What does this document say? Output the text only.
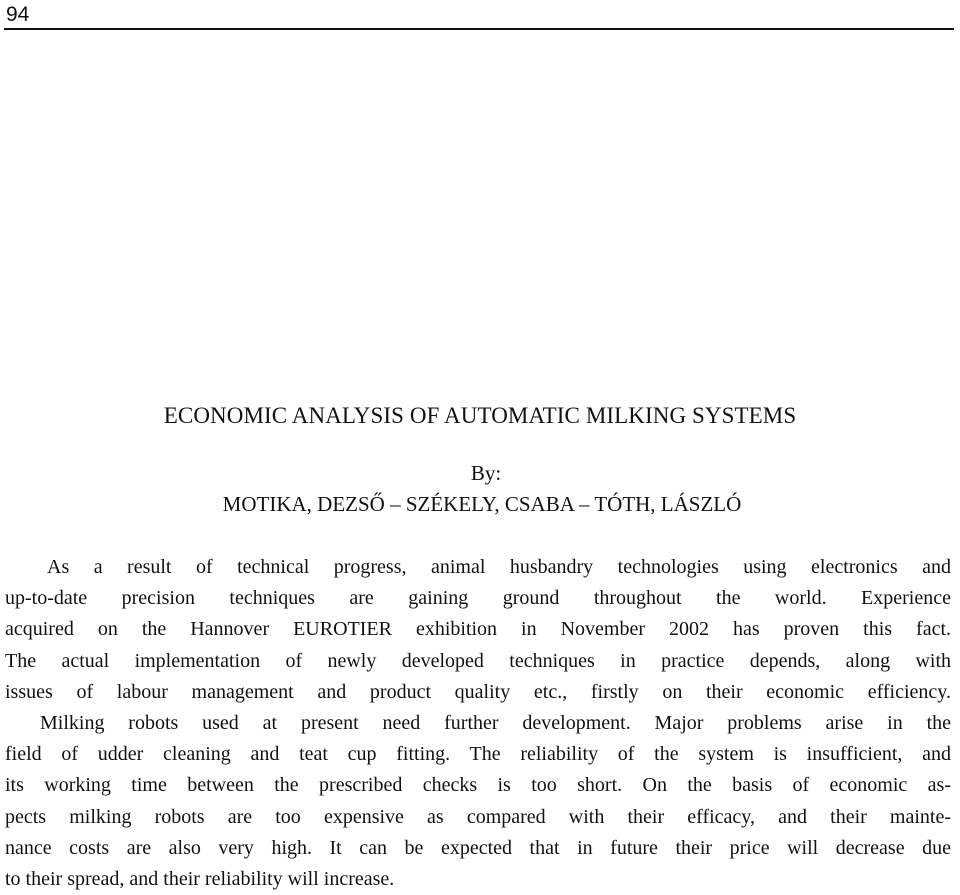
94
ECONOMIC ANALYSIS OF AUTOMATIC MILKING SYSTEMS
By:
MOTIKA, DEZSŐ – SZÉKELY, CSABA – TÓTH, LÁSZLÓ
As a result of technical progress, animal husbandry technologies using electronics and
up-to-date precision techniques are gaining ground throughout the world. Experience
acquired on the Hannover EUROTIER exhibition in November 2002 has proven this fact.
The actual implementation of newly developed techniques in practice depends, along with
issues of labour management and product quality etc., firstly on their economic efficiency.
Milking robots used at present need further development. Major problems arise in the
field of udder cleaning and teat cup fitting. The reliability of the system is insufficient, and
its working time between the prescribed checks is too short. On the basis of economic as-
pects milking robots are too expensive as compared with their efficacy, and their mainte-
nance costs are also very high. It can be expected that in future their price will decrease due
to their spread, and their reliability will increase.
